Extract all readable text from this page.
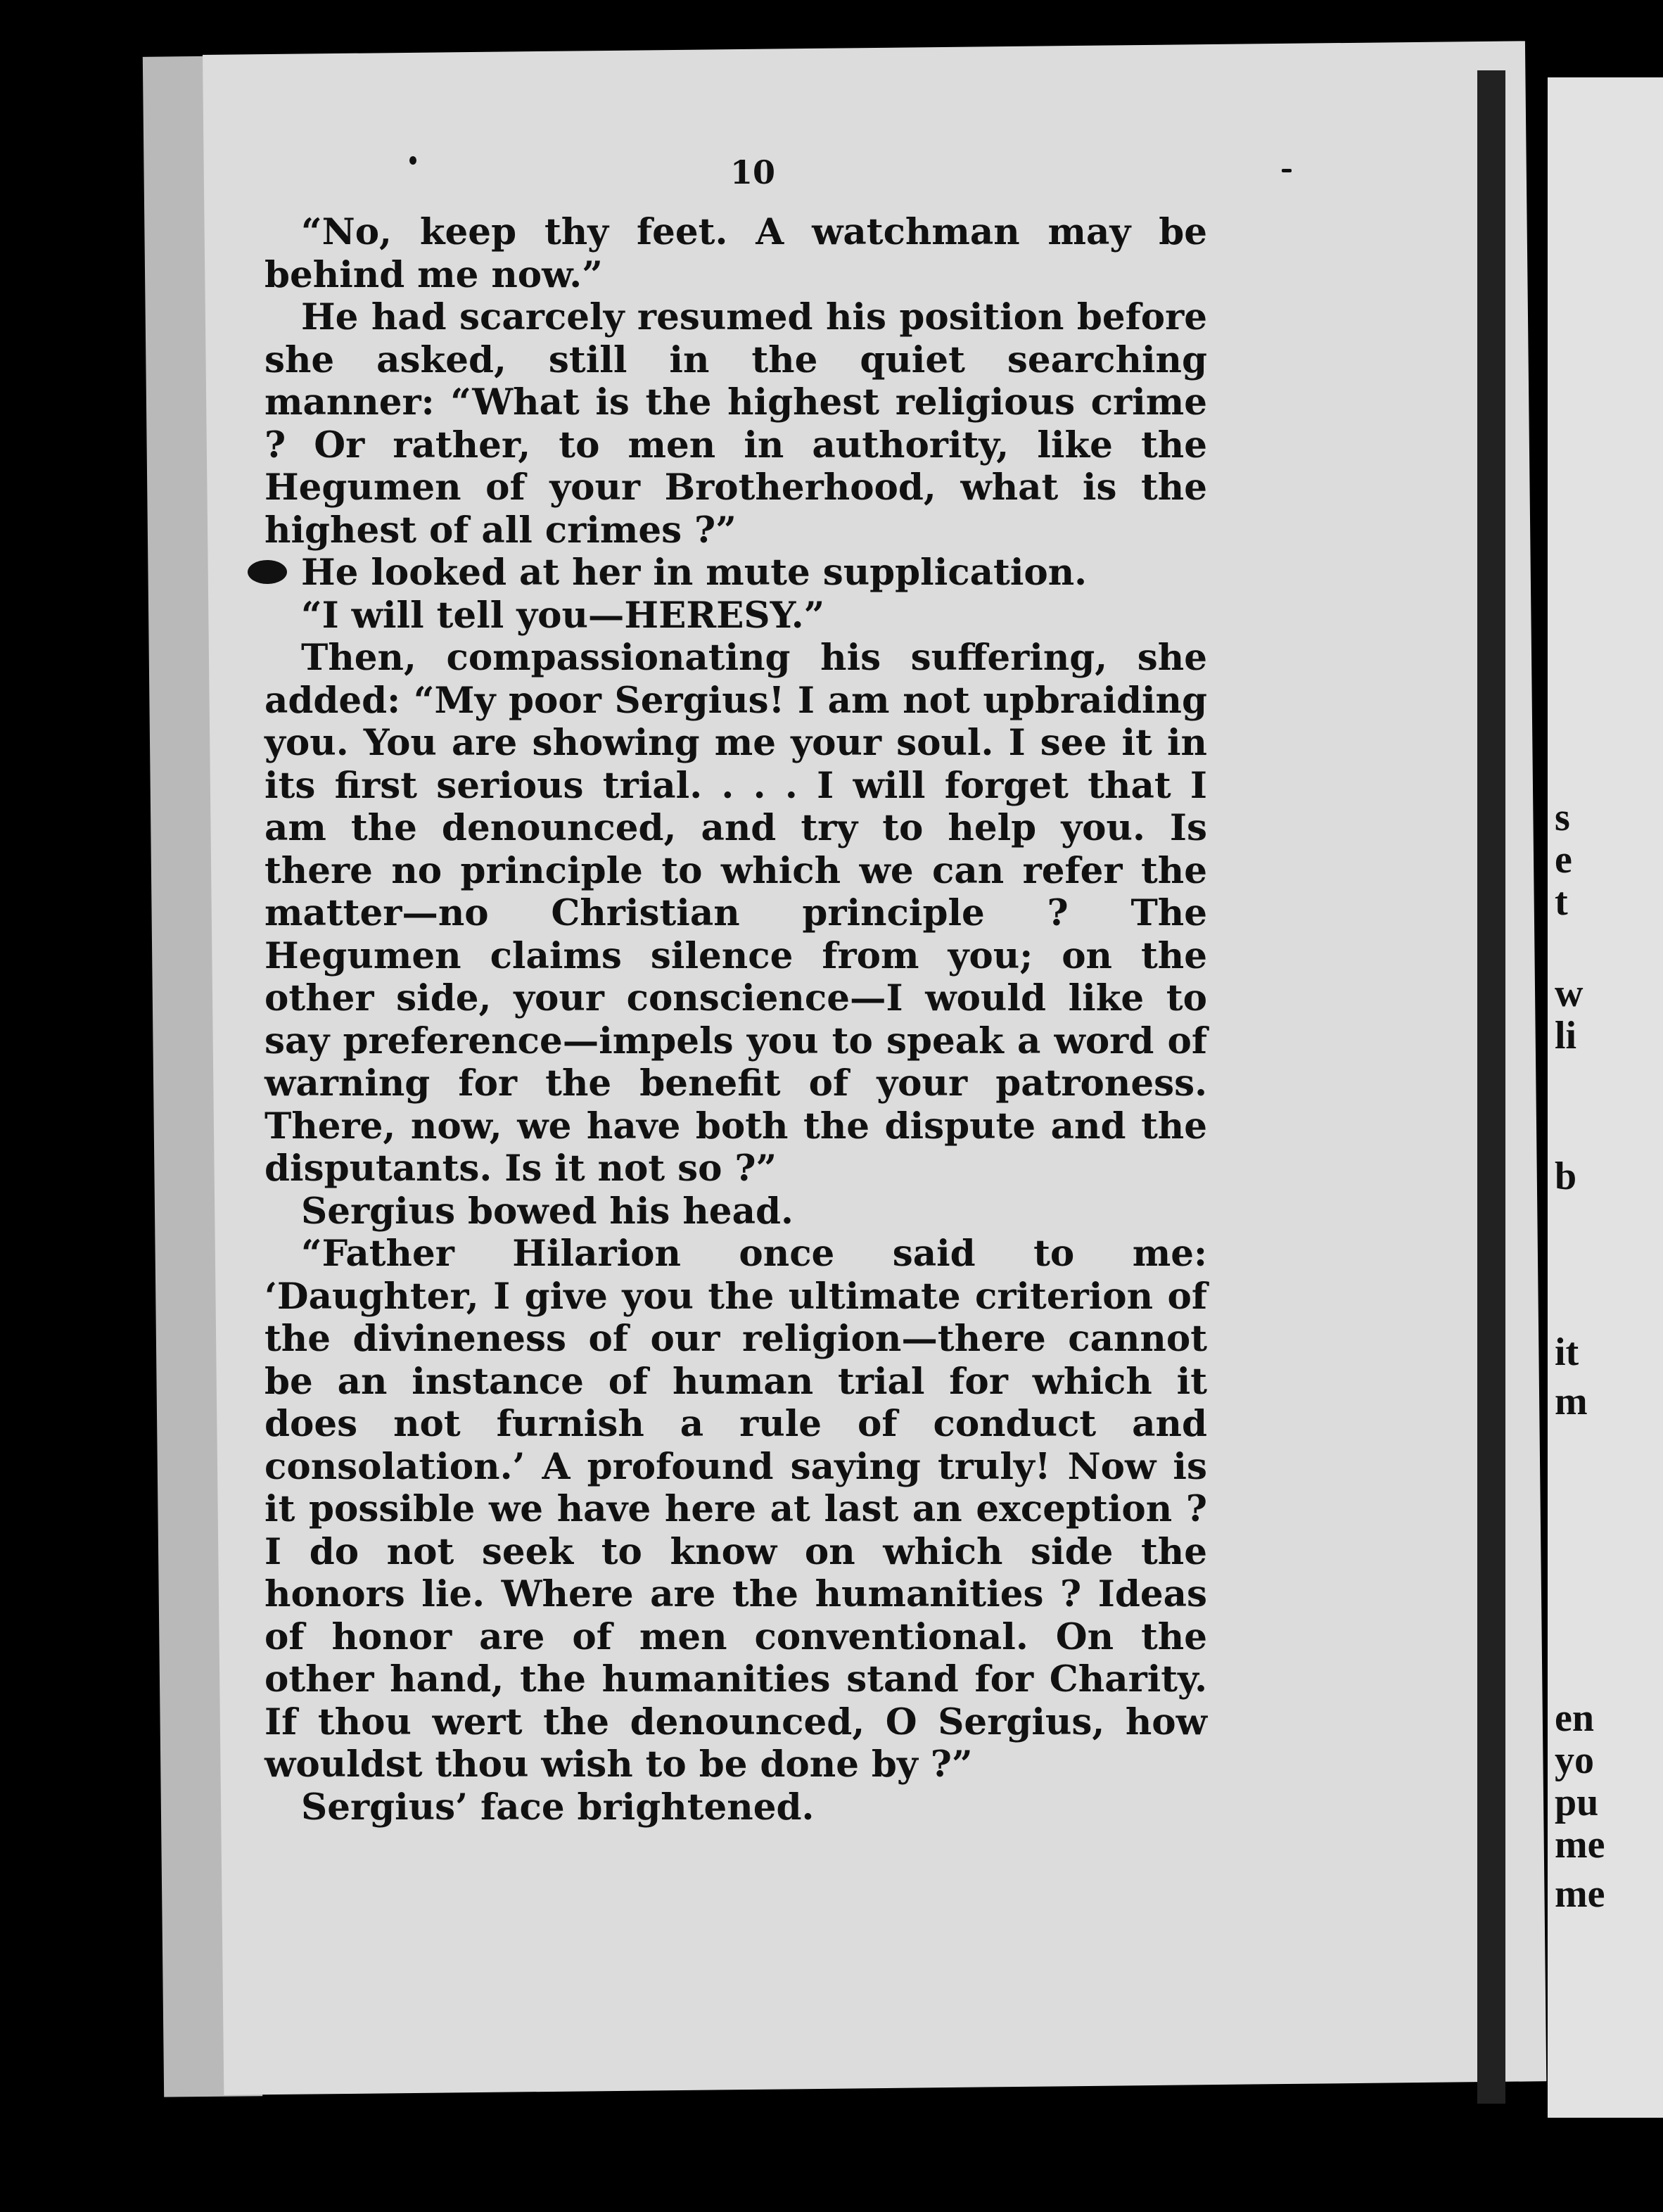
s
e
t
w
li
b
it
m
en
yo
pu
me
me
10

“No, keep thy feet. A watchman may be behind me now.”

He had scarcely resumed his position before she asked, still in the quiet searching manner: “What is the highest religious crime ? Or rather, to men in authority, like the Hegumen of your Brotherhood, what is the highest of all crimes ?”

He looked at her in mute supplication.

“I will tell you—HERESY.”

Then, compassionating his suffering, she added: “My poor Sergius! I am not upbraiding you. You are showing me your soul. I see it in its first serious trial. . . . I will forget that I am the denounced, and try to help you. Is there no principle to which we can refer the matter—no Christian principle ? The Hegumen claims silence from you; on the other side, your conscience—I would like to say preference—impels you to speak a word of warning for the benefit of your patroness. There, now, we have both the dispute and the disputants. Is it not so ?”

Sergius bowed his head.

“Father Hilarion once said to me: ‘Daughter, I give you the ultimate criterion of the divineness of our religion—there cannot be an instance of human trial for which it does not furnish a rule of conduct and consolation.’ A profound saying truly! Now is it possible we have here at last an exception ? I do not seek to know on which side the honors lie. Where are the humanities ? Ideas of honor are of men conventional. On the other hand, the humanities stand for Charity. If thou wert the denounced, O Sergius, how wouldst thou wish to be done by ?”

Sergius’ face brightened.
